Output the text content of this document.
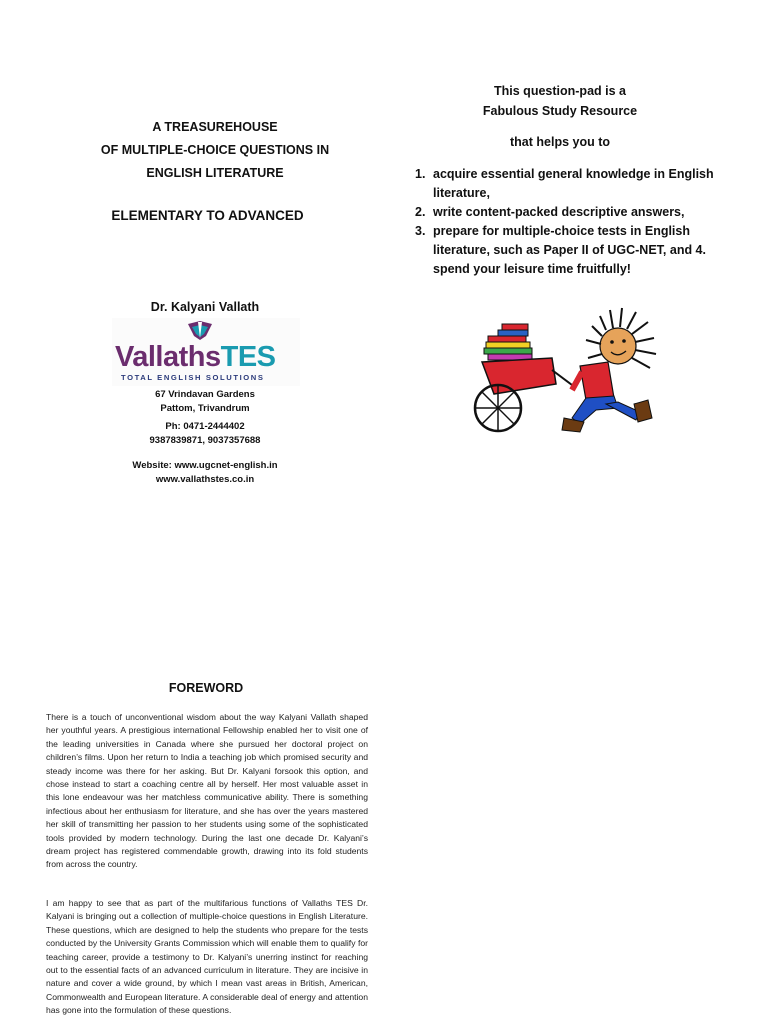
A TREASUREHOUSE
OF MULTIPLE-CHOICE QUESTIONS IN
ENGLISH LITERATURE
ELEMENTARY TO ADVANCED
Dr. Kalyani Vallath
VallathsTES
TOTAL ENGLISH SOLUTIONS
67 Vrindavan Gardens
Pattom, Trivandrum
Ph: 0471-2444402
9387839871, 9037357688
Website: www.ugcnet-english.in
www.vallathstes.co.in
This question-pad is a
Fabulous Study Resource
that helps you to
1. acquire essential general knowledge in English literature,
2. write content-packed descriptive answers,
3. prepare for multiple-choice tests in English literature, such as Paper II of UGC-NET, and 4. spend your leisure time fruitfully!
FOREWORD
There is a touch of unconventional wisdom about the way Kalyani Vallath shaped her youthful years. A prestigious international Fellowship enabled her to visit one of the leading universities in Canada where she pursued her doctoral project on children’s films. Upon her return to India a teaching job which promised security and steady income was there for her asking. But Dr. Kalyani forsook this option, and chose instead to start a coaching centre all by herself. Her most valuable asset in this lone endeavour was her matchless communicative ability. There is something infectious about her enthusiasm for literature, and she has over the years mastered her skill of transmitting her passion to her students using some of the sophisticated tools provided by modern technology. During the last one decade Dr. Kalyani’s dream project has registered commendable growth, drawing into its fold students from across the country.
I am happy to see that as part of the multifarious functions of Vallaths TES Dr. Kalyani is bringing out a collection of multiple-choice questions in English Literature. These questions, which are designed to help the students who prepare for the tests conducted by the University Grants Commission which will enable them to qualify for teaching career, provide a testimony to Dr. Kalyani’s unerring instinct for reaching out to the essential facts of an advanced curriculum in literature. They are incisive in nature and cover a wide ground, by which I mean vast areas in British, American, Commonwealth and European literature. A considerable deal of energy and attention has gone into the formulation of these questions.
